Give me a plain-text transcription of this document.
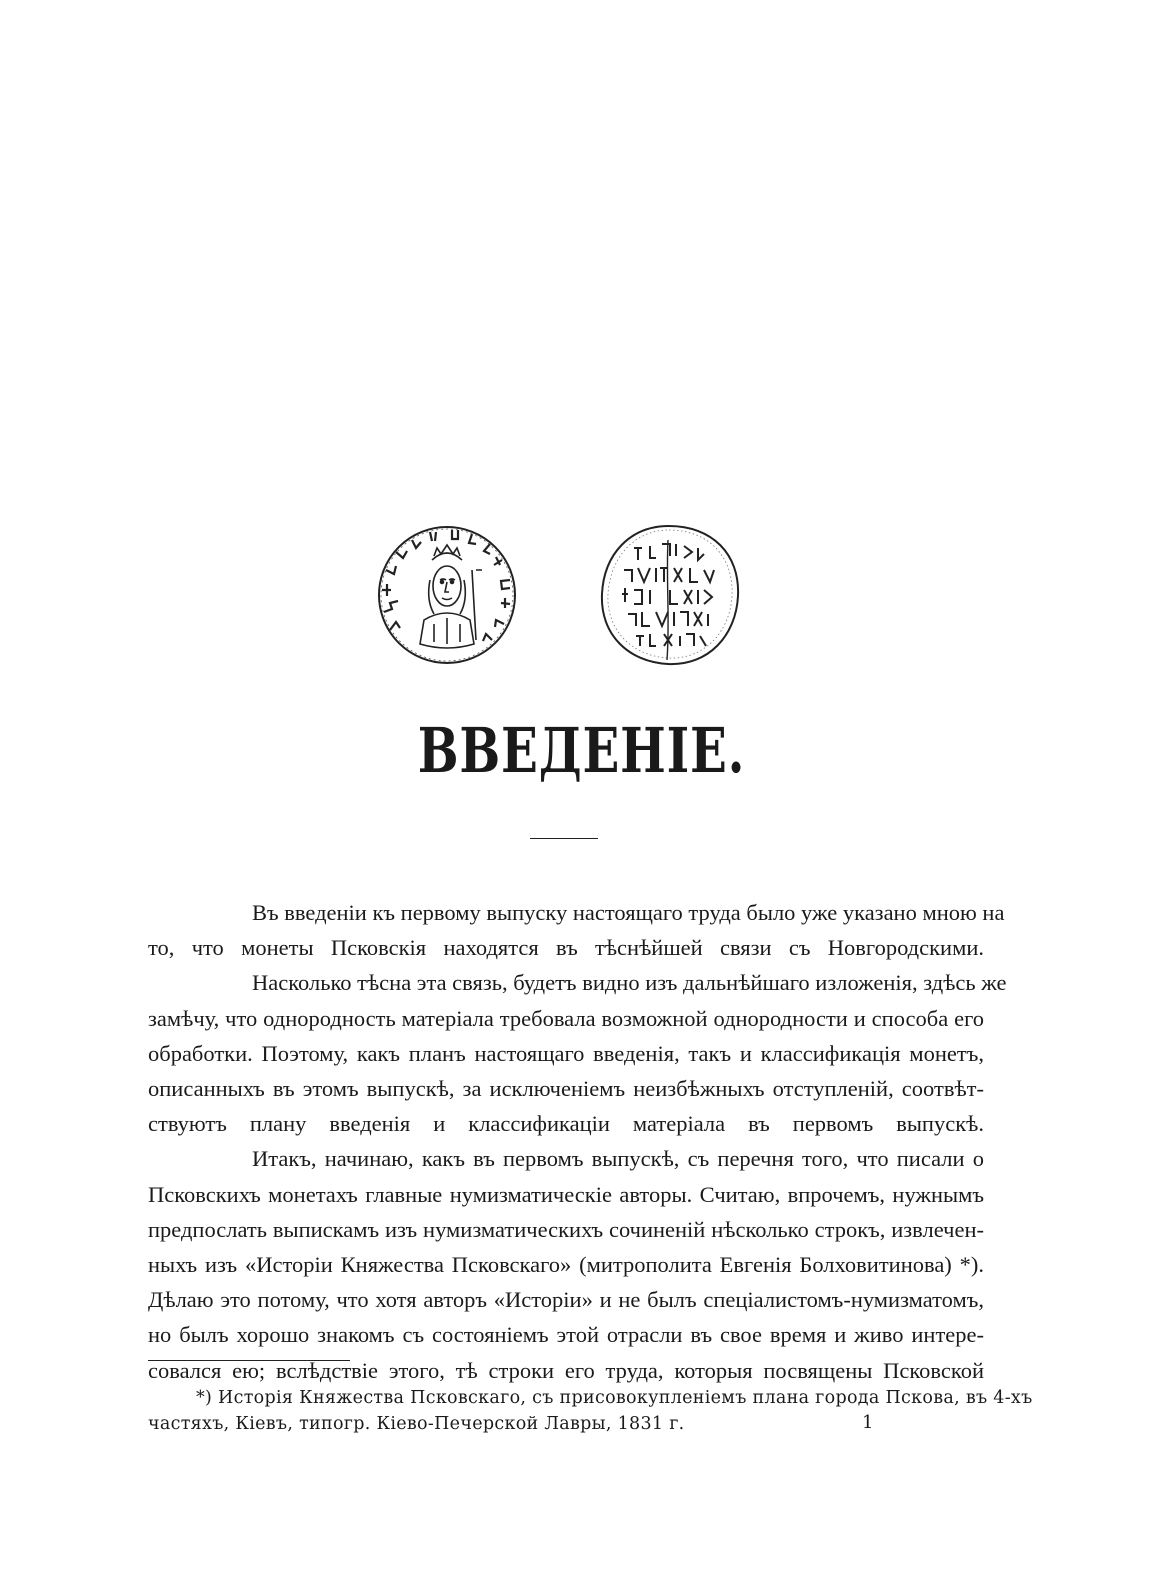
ВВЕДЕНІЕ.
Въ введеніи къ первому выпуску настоящаго труда было уже указано мною на то, что монеты Псковскія находятся въ тѣснѣйшей связи съ Новгородскими.
Насколько тѣсна эта связь, будетъ видно изъ дальнѣйшаго изложенія, здѣсь же замѣчу, что однородность матеріала требовала возможной однородности и способа его обработки. Поэтому, какъ планъ настоящаго введенія, такъ и классификація монетъ, описанныхъ въ этомъ выпускѣ, за исключеніемъ неизбѣжныхъ отступленій, соотвѣт- ствуютъ плану введенія и классификаціи матеріала въ первомъ выпускѣ.
Итакъ, начинаю, какъ въ первомъ выпускѣ, съ перечня того, что писали о Псковскихъ монетахъ главные нумизматическіе авторы. Считаю, впрочемъ, нужнымъ предпослать выпискамъ изъ нумизматическихъ сочиненій нѣсколько строкъ, извлечен- ныхъ изъ «Исторіи Княжества Псковскаго» (митрополита Евгенія Болховитинова) *). Дѣлаю это потому, что хотя авторъ «Исторіи» и не былъ спеціалистомъ-нумизматомъ, но былъ хорошо знакомъ съ состояніемъ этой отрасли въ свое время и живо интере- совался ею; вслѣдствіе этого, тѣ строки его труда, которыя посвящены Псковской
*) Исторія Княжества Псковскаго, съ присовокупленіемъ плана города Пскова, въ 4-хъ
частяхъ, Кіевъ, типогр. Кіево-Печерской Лавры, 1831 г.	1
